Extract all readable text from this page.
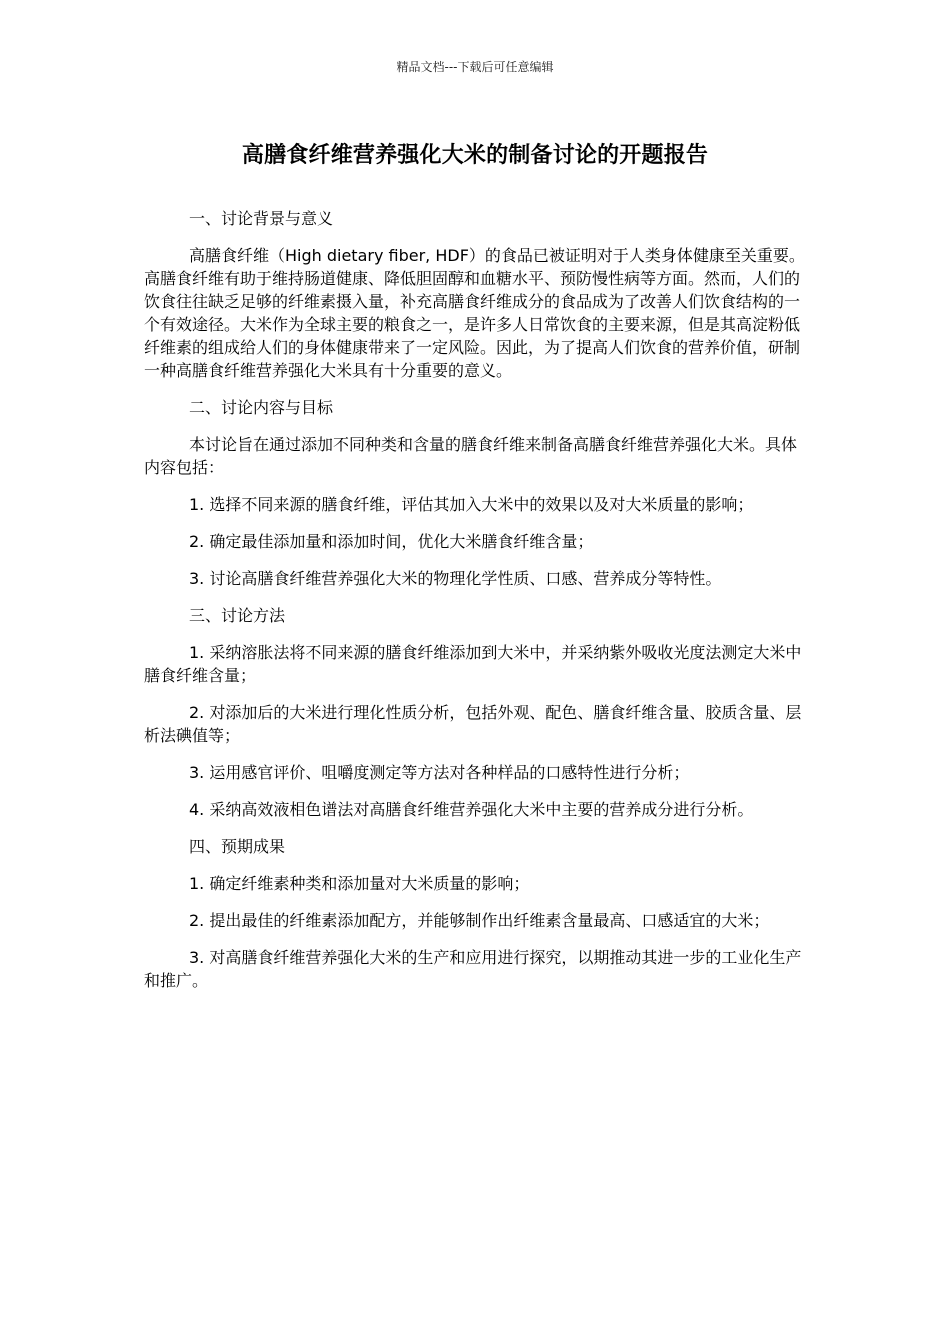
精品文档---下载后可任意编辑
高膳食纤维营养强化大米的制备讨论的开题报告

一、讨论背景与意义

高膳食纤维（High dietary fiber, HDF）的食品已被证明对于人类身体健康至关重要。高膳食纤维有助于维持肠道健康、降低胆固醇和血糖水平、预防慢性病等方面。然而，人们的饮食往往缺乏足够的纤维素摄入量，补充高膳食纤维成分的食品成为了改善人们饮食结构的一个有效途径。大米作为全球主要的粮食之一，是许多人日常饮食的主要来源，但是其高淀粉低纤维素的组成给人们的身体健康带来了一定风险。因此，为了提高人们饮食的营养价值，研制一种高膳食纤维营养强化大米具有十分重要的意义。

二、讨论内容与目标

本讨论旨在通过添加不同种类和含量的膳食纤维来制备高膳食纤维营养强化大米。具体内容包括：

1. 选择不同来源的膳食纤维，评估其加入大米中的效果以及对大米质量的影响；

2. 确定最佳添加量和添加时间，优化大米膳食纤维含量；

3. 讨论高膳食纤维营养强化大米的物理化学性质、口感、营养成分等特性。

三、讨论方法

1. 采纳溶胀法将不同来源的膳食纤维添加到大米中，并采纳紫外吸收光度法测定大米中膳食纤维含量；

2. 对添加后的大米进行理化性质分析，包括外观、配色、膳食纤维含量、胶质含量、层析法碘值等；

3. 运用感官评价、咀嚼度测定等方法对各种样品的口感特性进行分析；

4. 采纳高效液相色谱法对高膳食纤维营养强化大米中主要的营养成分进行分析。

四、预期成果

1. 确定纤维素种类和添加量对大米质量的影响；

2. 提出最佳的纤维素添加配方，并能够制作出纤维素含量最高、口感适宜的大米；

3. 对高膳食纤维营养强化大米的生产和应用进行探究，以期推动其进一步的工业化生产和推广。
